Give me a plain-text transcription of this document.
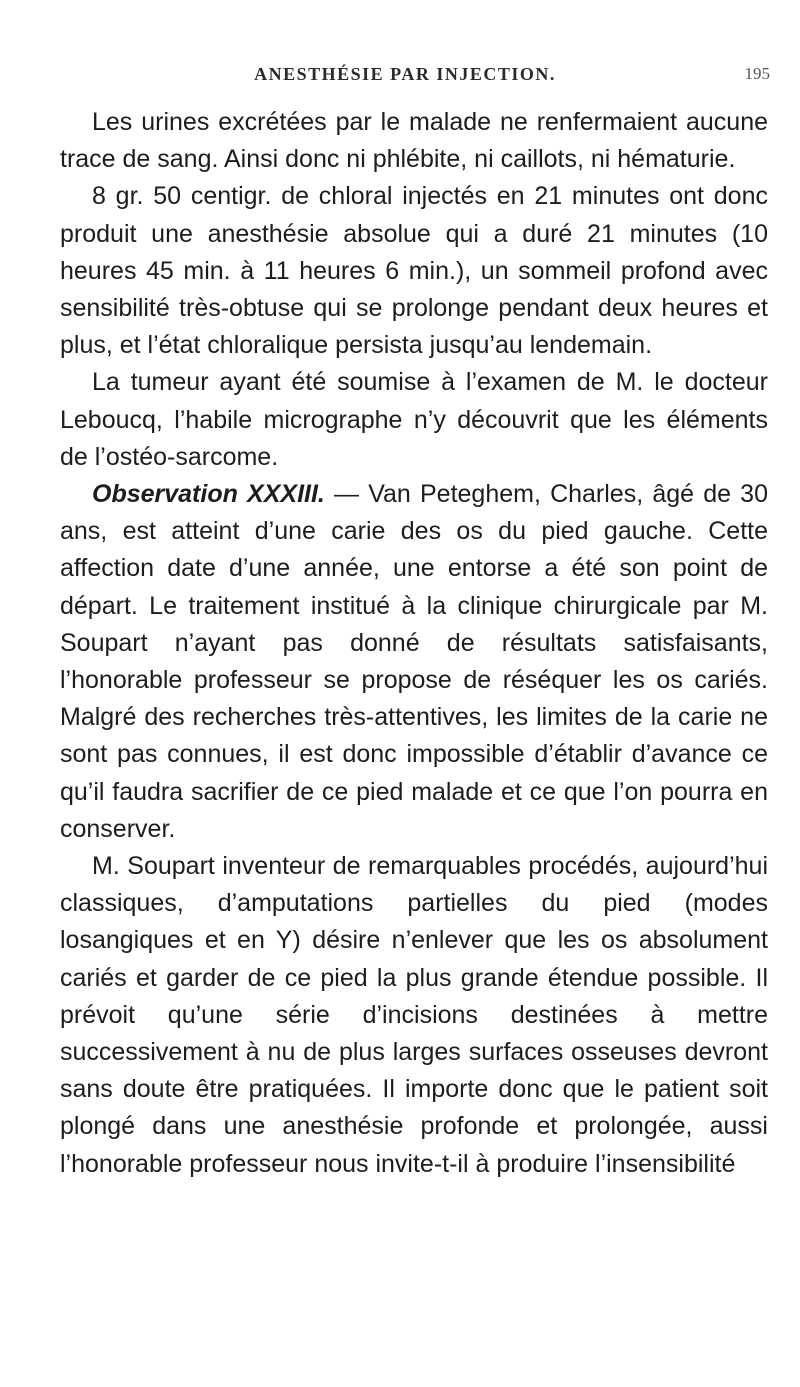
ANESTHÉSIE PAR INJECTION.	195

Les urines excrétées par le malade ne renfermaient aucune trace de sang. Ainsi donc ni phlébite, ni caillots, ni hématurie.

8 gr. 50 centigr. de chloral injectés en 21 minutes ont donc produit une anesthésie absolue qui a duré 21 minutes (10 heures 45 min. à 11 heures 6 min.), un sommeil profond avec sensibilité très-obtuse qui se prolonge pendant deux heures et plus, et l’état chloralique persista jusqu’au lendemain.

La tumeur ayant été soumise à l’examen de M. le docteur Leboucq, l’habile micrographe n’y découvrit que les éléments de l’ostéo-sarcome.

Observation XXXIII. — Van Peteghem, Charles, âgé de 30 ans, est atteint d’une carie des os du pied gauche. Cette affection date d’une année, une entorse a été son point de départ. Le traitement institué à la clinique chirurgicale par M. Soupart n’ayant pas donné de résultats satisfaisants, l’honorable professeur se propose de réséquer les os cariés. Malgré des recherches très-attentives, les limites de la carie ne sont pas connues, il est donc impossible d’établir d’avance ce qu’il faudra sacrifier de ce pied malade et ce que l’on pourra en conserver.

M. Soupart inventeur de remarquables procédés, aujourd’hui classiques, d’amputations partielles du pied (modes losangiques et en Y) désire n’enlever que les os absolument cariés et garder de ce pied la plus grande étendue possible. Il prévoit qu’une série d’incisions destinées à mettre successivement à nu de plus larges surfaces osseuses devront sans doute être pratiquées. Il importe donc que le patient soit plongé dans une anesthésie profonde et prolongée, aussi l’honorable professeur nous invite-t-il à produire l’insensibilité
